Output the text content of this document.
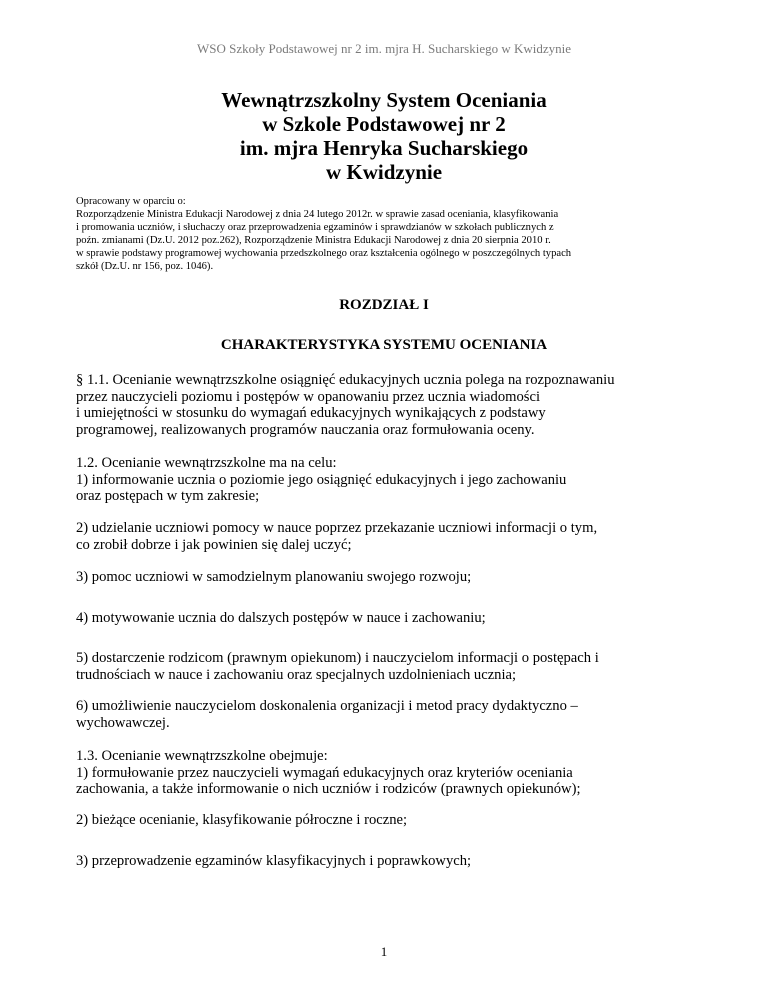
WSO Szkoły Podstawowej nr 2 im. mjra H. Sucharskiego w Kwidzynie
Wewnątrzszkolny System Oceniania
w Szkole Podstawowej nr 2
im. mjra Henryka Sucharskiego
w Kwidzynie
Opracowany w oparciu o:
Rozporządzenie Ministra Edukacji Narodowej z dnia 24 lutego 2012r. w sprawie zasad oceniania, klasyfikowania
i promowania uczniów, i słuchaczy oraz przeprowadzenia egzaminów i sprawdzianów w szkołach publicznych z
poźn. zmianami (Dz.U. 2012 poz.262), Rozporządzenie Ministra Edukacji Narodowej z dnia 20 sierpnia 2010 r.
w sprawie podstawy programowej wychowania przedszkolnego oraz kształcenia ogólnego w poszczególnych typach
szkół (Dz.U. nr 156, poz. 1046).
ROZDZIAŁ I
CHARAKTERYSTYKA SYSTEMU OCENIANIA
§ 1.1. Ocenianie wewnątrzszkolne osiągnięć edukacyjnych ucznia polega na rozpoznawaniu
przez nauczycieli poziomu i postępów w opanowaniu przez ucznia wiadomości
i umiejętności w stosunku do wymagań edukacyjnych wynikających z podstawy
programowej, realizowanych programów nauczania oraz formułowania oceny.
1.2. Ocenianie wewnątrzszkolne ma na celu:
1) informowanie ucznia o poziomie jego osiągnięć edukacyjnych i jego zachowaniu
oraz postępach w tym zakresie;
2) udzielanie uczniowi pomocy w nauce poprzez przekazanie uczniowi informacji o tym,
co zrobił dobrze i jak powinien się dalej uczyć;
3) pomoc uczniowi w samodzielnym planowaniu swojego rozwoju;
4) motywowanie ucznia do dalszych postępów w nauce i zachowaniu;
5) dostarczenie rodzicom (prawnym opiekunom) i nauczycielom informacji o postępach i
trudnościach w nauce i zachowaniu oraz specjalnych uzdolnieniach ucznia;
6) umożliwienie nauczycielom doskonalenia organizacji i metod pracy dydaktyczno –
wychowawczej.
1.3. Ocenianie wewnątrzszkolne obejmuje:
1) formułowanie przez nauczycieli wymagań edukacyjnych oraz kryteriów oceniania
zachowania, a także informowanie o nich uczniów i rodziców (prawnych opiekunów);
2) bieżące ocenianie, klasyfikowanie półroczne i roczne;
3) przeprowadzenie egzaminów klasyfikacyjnych i poprawkowych;
1
